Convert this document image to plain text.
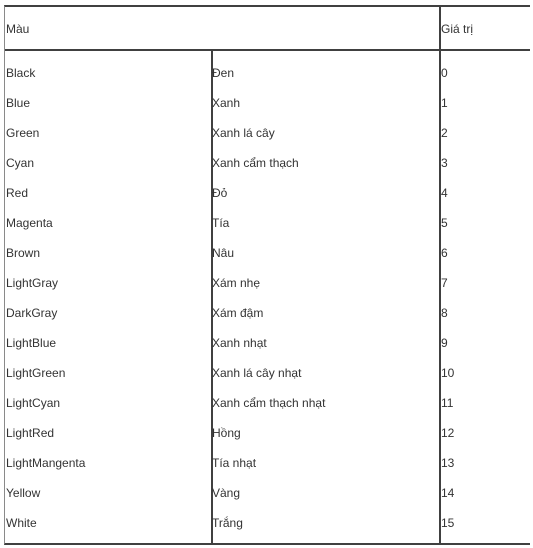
Màu	Giá trị
Black	Đen	0
Blue	Xanh	1
Green	Xanh lá cây	2
Cyan	Xanh cẩm thạch	3
Red	Đỏ	4
Magenta	Tía	5
Brown	Nâu	6
LightGray	Xám nhẹ	7
DarkGray	Xám đậm	8
LightBlue	Xanh nhạt	9
LightGreen	Xanh lá cây nhạt	10
LightCyan	Xanh cẩm thạch nhạt	11
LightRed	Hồng	12
LightMangenta	Tía nhạt	13
Yellow	Vàng	14
White	Trắng	15
